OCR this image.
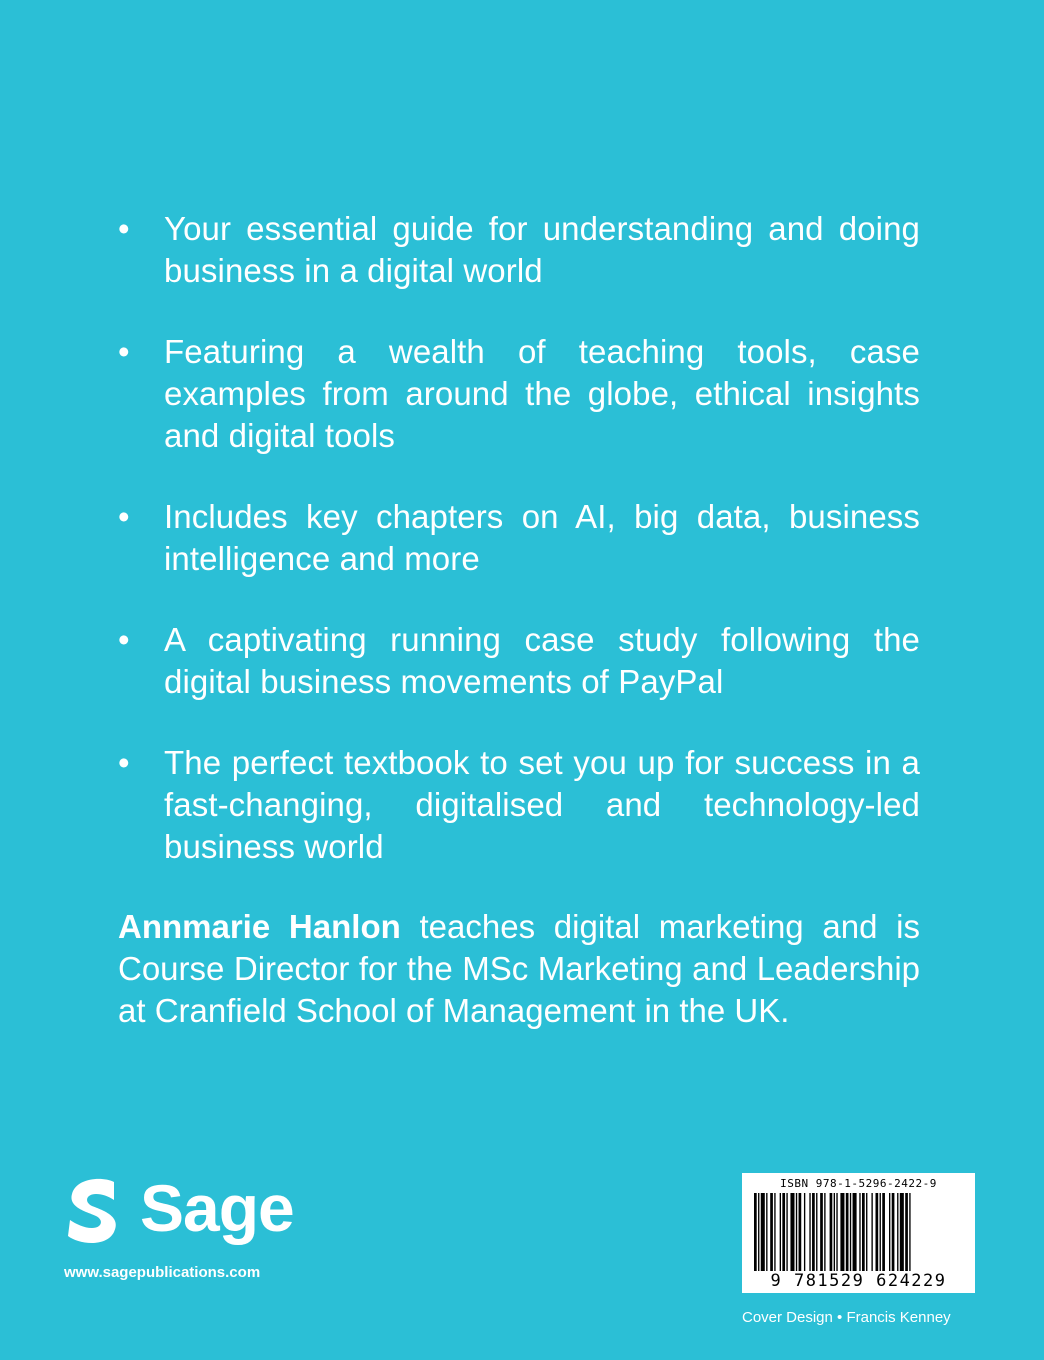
• Your essential guide for understanding and doing business in a digital world
• Featuring a wealth of teaching tools, case examples from around the globe, ethical insights and digital tools
• Includes key chapters on AI, big data, business intelligence and more
• A captivating running case study following the digital business movements of PayPal
• The perfect textbook to set you up for success in a fast-changing, digitalised and technology-led business world

Annmarie Hanlon teaches digital marketing and is Course Director for the MSc Marketing and Leadership at Cranfield School of Management in the UK.

Sage
www.sagepublications.com
ISBN 978-1-5296-2422-9
9 781529 624229
Cover Design • Francis Kenney
